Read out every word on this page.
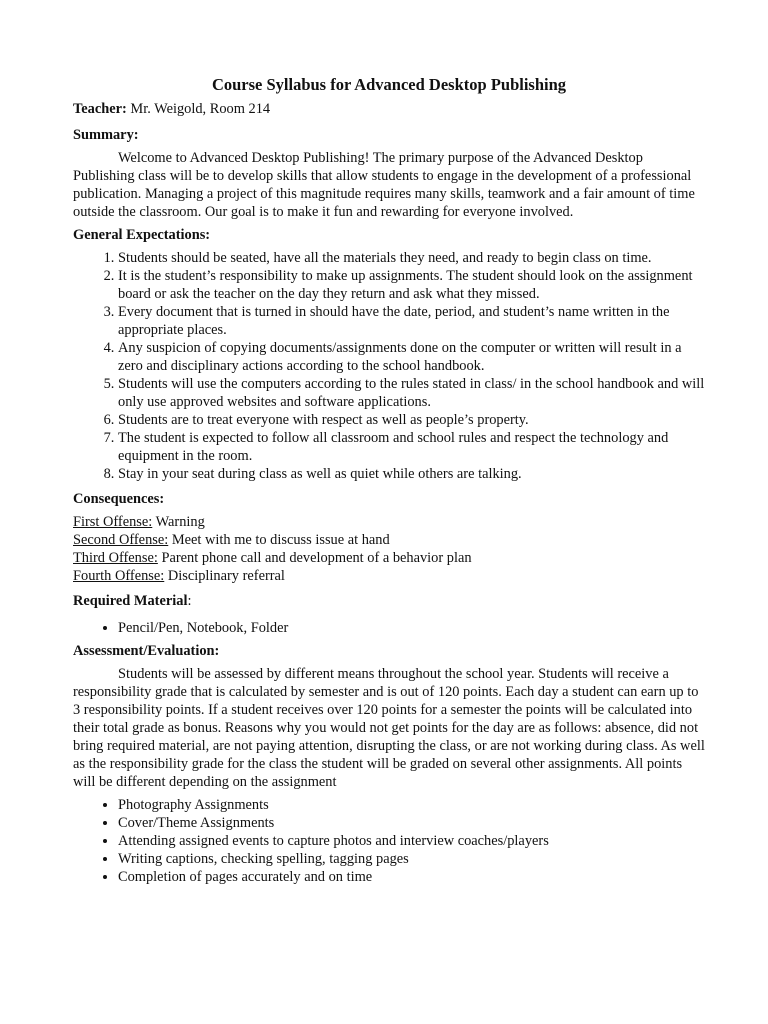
Course Syllabus for Advanced Desktop Publishing

Teacher: Mr. Weigold, Room 214

Summary:

Welcome to Advanced Desktop Publishing! The primary purpose of the Advanced Desktop Publishing class will be to develop skills that allow students to engage in the development of a professional publication. Managing a project of this magnitude requires many skills, teamwork and a fair amount of time outside the classroom. Our goal is to make it fun and rewarding for everyone involved.

General Expectations:

1. Students should be seated, have all the materials they need, and ready to begin class on time.
2. It is the student’s responsibility to make up assignments. The student should look on the assignment board or ask the teacher on the day they return and ask what they missed.
3. Every document that is turned in should have the date, period, and student’s name written in the appropriate places.
4. Any suspicion of copying documents/assignments done on the computer or written will result in a zero and disciplinary actions according to the school handbook.
5. Students will use the computers according to the rules stated in class/ in the school handbook and will only use approved websites and software applications.
6. Students are to treat everyone with respect as well as people’s property.
7. The student is expected to follow all classroom and school rules and respect the technology and equipment in the room.
8. Stay in your seat during class as well as quiet while others are talking.

Consequences:

First Offense: Warning

Second Offense: Meet with me to discuss issue at hand

Third Offense: Parent phone call and development of a behavior plan

Fourth Offense: Disciplinary referral

Required Material:

• Pencil/Pen, Notebook, Folder

Assessment/Evaluation:

Students will be assessed by different means throughout the school year. Students will receive a responsibility grade that is calculated by semester and is out of 120 points. Each day a student can earn up to 3 responsibility points. If a student receives over 120 points for a semester the points will be calculated into their total grade as bonus. Reasons why you would not get points for the day are as follows: absence, did not bring required material, are not paying attention, disrupting the class, or are not working during class. As well as the responsibility grade for the class the student will be graded on several other assignments. All points will be different depending on the assignment

• Photography Assignments
• Cover/Theme Assignments
• Attending assigned events to capture photos and interview coaches/players
• Writing captions, checking spelling, tagging pages
• Completion of pages accurately and on time
